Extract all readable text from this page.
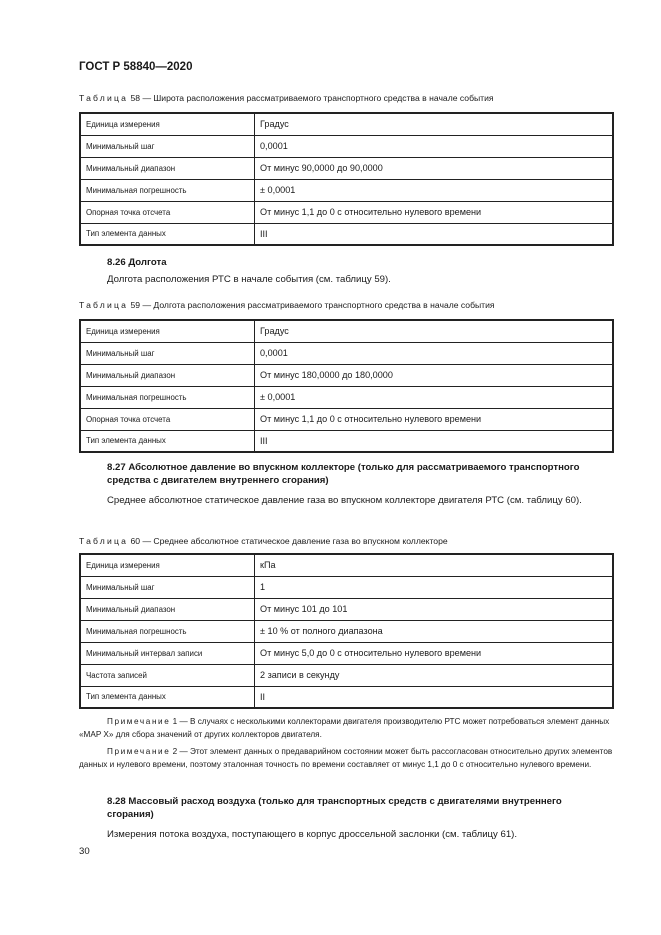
ГОСТ Р 58840—2020
Таблица 58 — Широта расположения рассматриваемого транспортного средства в начале события
Единица измерения	Градус
Минимальный шаг	0,0001
Минимальный диапазон	От минус 90,0000 до 90,0000
Минимальная погрешность	± 0,0001
Опорная точка отсчета	От минус 1,1 до 0 с относительно нулевого времени
Тип элемента данных	III
8.26 Долгота
Долгота расположения РТС в начале события (см. таблицу 59).
Таблица 59 — Долгота расположения рассматриваемого транспортного средства в начале события
Единица измерения	Градус
Минимальный шаг	0,0001
Минимальный диапазон	От минус 180,0000 до 180,0000
Минимальная погрешность	± 0,0001
Опорная точка отсчета	От минус 1,1 до 0 с относительно нулевого времени
Тип элемента данных	III
8.27 Абсолютное давление во впускном коллекторе (только для рассматриваемого транспортного средства с двигателем внутреннего сгорания)
Среднее абсолютное статическое давление газа во впускном коллекторе двигателя РТС (см. таблицу 60).
Таблица 60 — Среднее абсолютное статическое давление газа во впускном коллекторе
Единица измерения	кПа
Минимальный шаг	1
Минимальный диапазон	От минус 101 до 101
Минимальная погрешность	± 10 % от полного диапазона
Минимальный интервал записи	От минус 5,0 до 0 с относительно нулевого времени
Частота записей	2 записи в секунду
Тип элемента данных	II
Примечание 1 — В случаях с несколькими коллекторами двигателя производителю РТС может потребоваться элемент данных «MAP X» для сбора значений от других коллекторов двигателя.
Примечание 2 — Этот элемент данных о предаварийном состоянии может быть рассогласован относительно других элементов данных и нулевого времени, поэтому эталонная точность по времени составляет от минус 1,1 до 0 с относительно нулевого времени.
8.28 Массовый расход воздуха (только для транспортных средств с двигателями внутреннего сгорания)
Измерения потока воздуха, поступающего в корпус дроссельной заслонки (см. таблицу 61).
30
